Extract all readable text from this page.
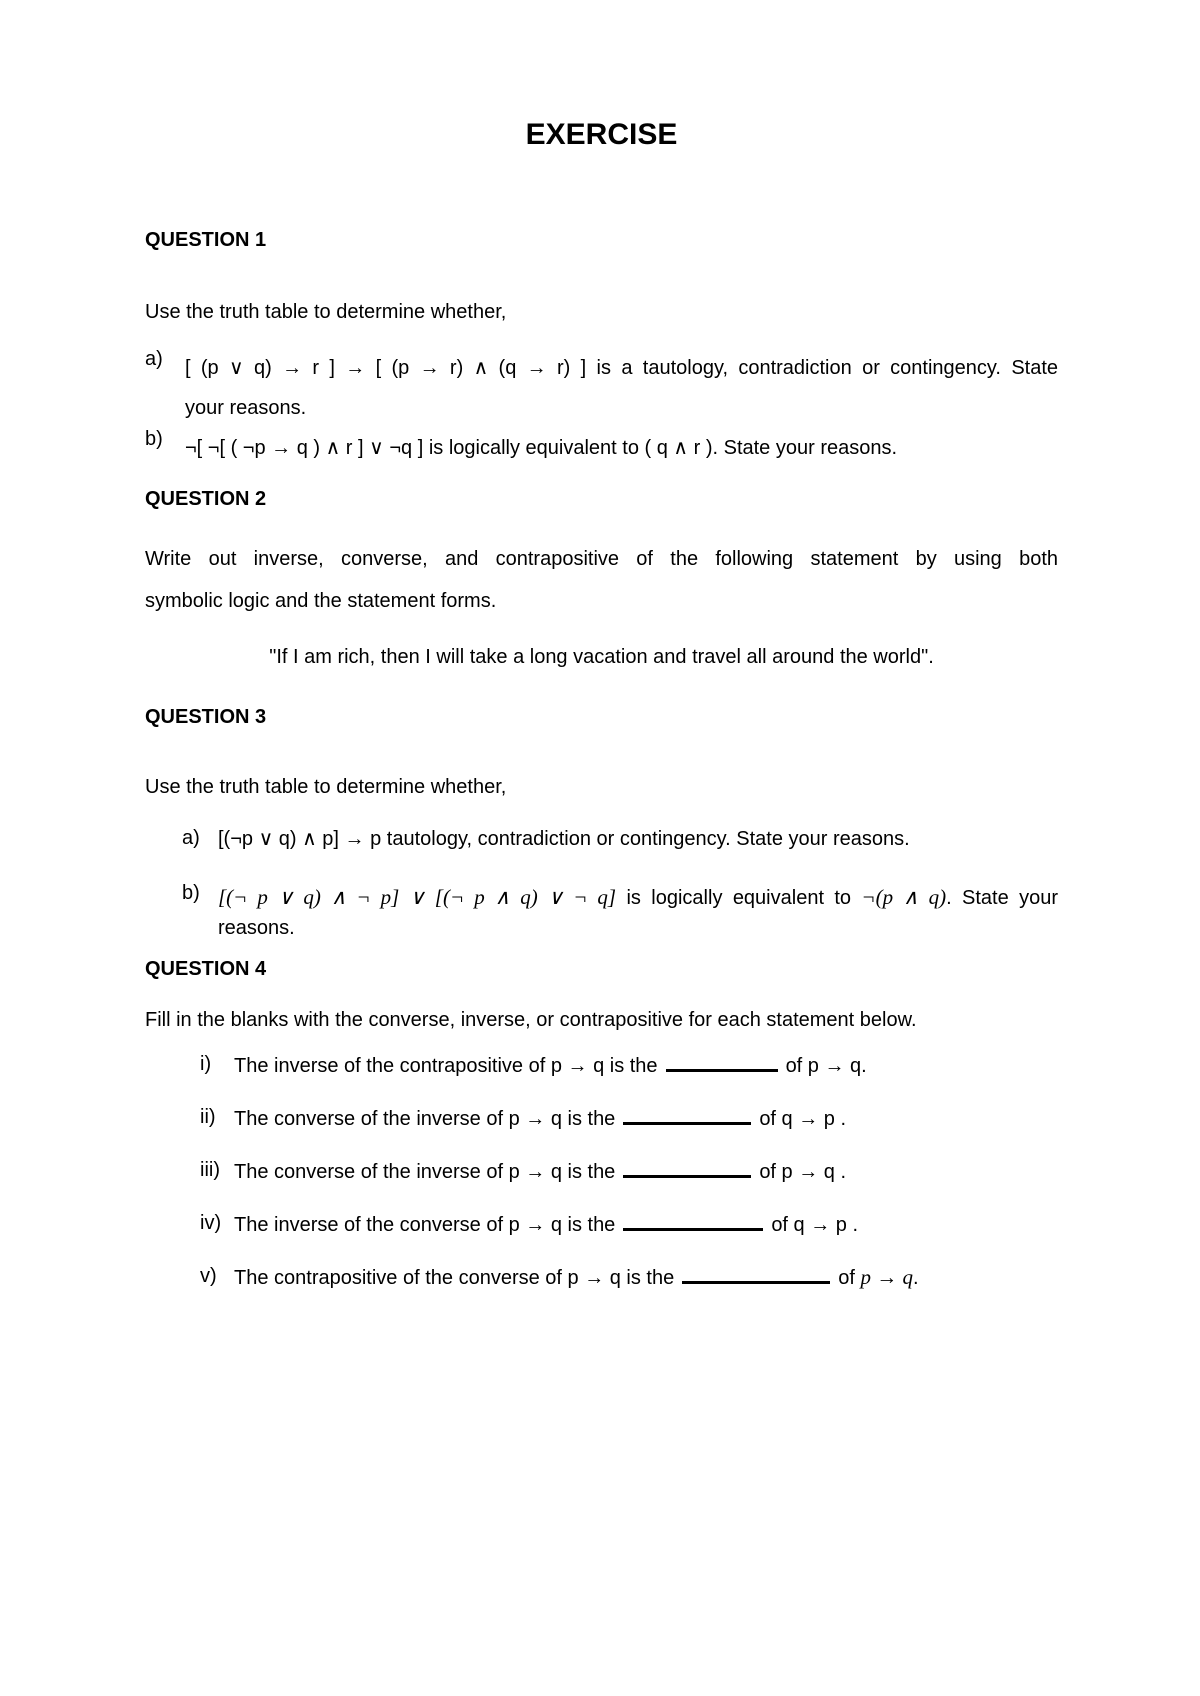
EXERCISE
QUESTION 1
Use the truth table to determine whether,
a)	[ (p ∨ q) → r ] → [ (p → r) ∧ (q → r) ] is a tautology, contradiction or contingency. State
your reasons.
b)	¬[ ¬[ ( ¬p → q ) ∧ r ] ∨ ¬q ] is logically equivalent to ( q ∧ r ). State your reasons.
QUESTION 2
Write out inverse, converse, and contrapositive of the following statement by using both
symbolic logic and the statement forms.
"If I am rich, then I will take a long vacation and travel all around the world".
QUESTION 3
Use the truth table to determine whether,
a) [(¬p ∨ q) ∧ p] → p tautology, contradiction or contingency. State your reasons.
b) [(¬ p ∨ q) ∧ ¬ p] ∨ [(¬ p ∧ q) ∨ ¬ q] is logically equivalent to ¬(p ∧ q). State your
reasons.
QUESTION 4
Fill in the blanks with the converse, inverse, or contrapositive for each statement below.
i)	The inverse of the contrapositive of p → q is the	of p → q.
ii) The converse of the inverse of p → q is the	of q → p .
iii) The converse of the inverse of p → q is the	of p → q .
iv) The inverse of the converse of p → q is the	of q → p .
v) The contrapositive of the converse of p → q is the	of p → q.
